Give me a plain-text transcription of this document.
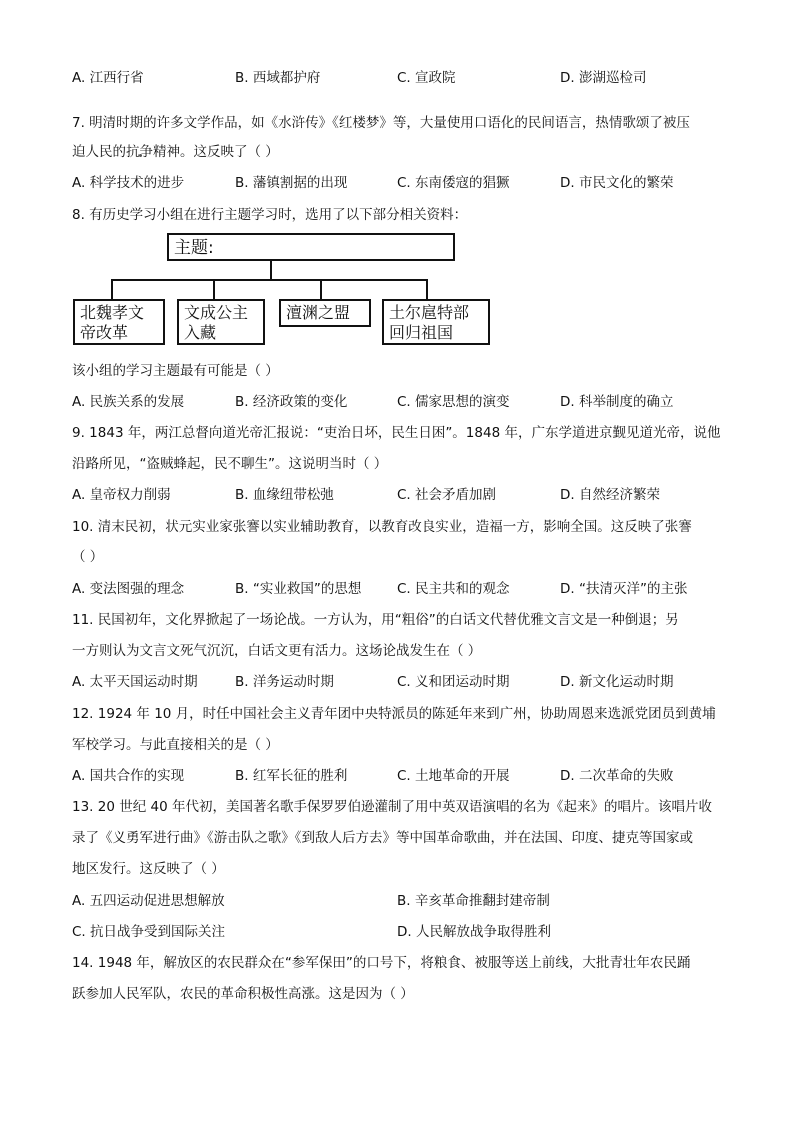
A. 江西行省	B. 西域都护府	C. 宣政院	D. 澎湖巡检司
7. 明清时期的许多文学作品，如《水浒传》《红楼梦》等，大量使用口语化的民间语言，热情歌颂了被压
迫人民的抗争精神。这反映了（ ）
A. 科学技术的进步	B. 藩镇割据的出现	C. 东南倭寇的猖獗	D. 市民文化的繁荣
8. 有历史学习小组在进行主题学习时，选用了以下部分相关资料：
主题:
北魏孝文
帝改革
文成公主
入藏
澶渊之盟	土尔扈特部
回归祖国
该小组的学习主题最有可能是（ ）
A. 民族关系的发展	B. 经济政策的变化	C. 儒家思想的演变	D. 科举制度的确立
9. 1843 年，两江总督向道光帝汇报说：“吏治日坏，民生日困”。1848 年，广东学道进京觐见道光帝，说他
沿路所见，“盗贼蜂起，民不聊生”。这说明当时（ ）
A. 皇帝权力削弱	B. 血缘纽带松弛	C. 社会矛盾加剧	D. 自然经济繁荣
10. 清末民初，状元实业家张謇以实业辅助教育，以教育改良实业，造福一方，影响全国。这反映了张謇
（ ）
A. 变法图强的理念	B. “实业救国”的思想	C. 民主共和的观念	D. “扶清灭洋”的主张
11. 民国初年，文化界掀起了一场论战。一方认为，用“粗俗”的白话文代替优雅文言文是一种倒退；另
一方则认为文言文死气沉沉，白话文更有活力。这场论战发生在（ ）
A. 太平天国运动时期	B. 洋务运动时期	C. 义和团运动时期	D. 新文化运动时期
12. 1924 年 10 月，时任中国社会主义青年团中央特派员的陈延年来到广州，协助周恩来选派党团员到黄埔
军校学习。与此直接相关的是（ ）
A. 国共合作的实现	B. 红军长征的胜利	C. 土地革命的开展	D. 二次革命的失败
13. 20 世纪 40 年代初，美国著名歌手保罗罗伯逊灌制了用中英双语演唱的名为《起来》的唱片。该唱片收
录了《义勇军进行曲》《游击队之歌》《到敌人后方去》等中国革命歌曲，并在法国、印度、捷克等国家或
地区发行。这反映了（ ）
A. 五四运动促进思想解放	B. 辛亥革命推翻封建帝制
C. 抗日战争受到国际关注	D. 人民解放战争取得胜利
14. 1948 年，解放区的农民群众在“参军保田”的口号下，将粮食、被服等送上前线，大批青壮年农民踊
跃参加人民军队，农民的革命积极性高涨。这是因为（ ）
